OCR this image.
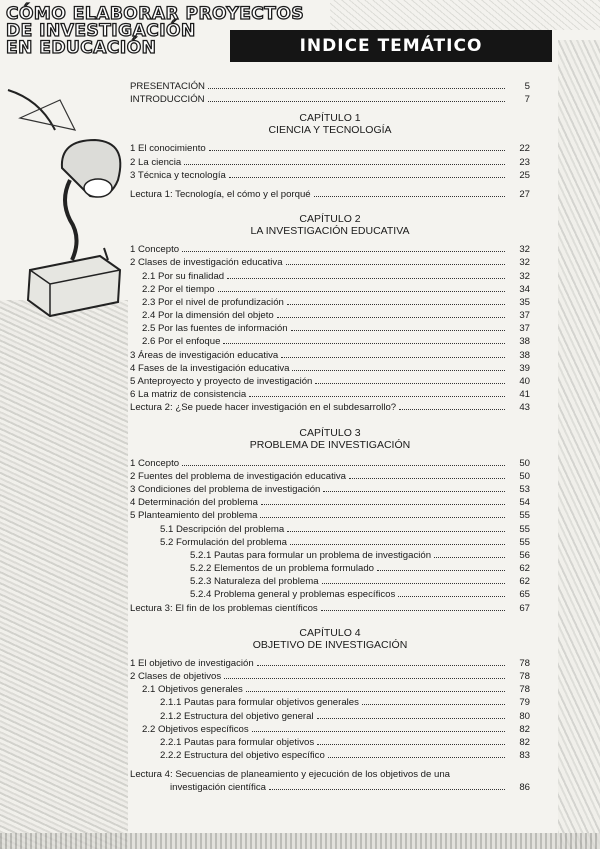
CÓMO ELABORAR PROYECTOS
DE INVESTIGACIÓN
EN EDUCACIÓN	INDICE TEMÁTICO
PRESENTACIÓN	5
INTRODUCCIÓN	7
CAPÍTULO 1
CIENCIA Y TECNOLOGÍA
1 El conocimiento	22
2 La ciencia	23
3 Técnica y tecnología	25
Lectura 1: Tecnología, el cómo y el porqué	27
CAPÍTULO 2
LA INVESTIGACIÓN EDUCATIVA
1 Concepto	32
2 Clases de investigación educativa	32
2.1 Por su finalidad	32
2.2 Por el tiempo	34
2.3 Por el nivel de profundización	35
2.4 Por la dimensión del objeto	37
2.5 Por las fuentes de información	37
2.6 Por el enfoque	38
3 Áreas de investigación educativa	38
4 Fases de la investigación educativa	39
5 Anteproyecto y proyecto de investigación	40
6 La matriz de consistencia	41
Lectura 2: ¿Se puede hacer investigación en el subdesarrollo?	43
CAPÍTULO 3
PROBLEMA DE INVESTIGACIÓN
1 Concepto	50
2 Fuentes del problema de investigación educativa	50
3 Condiciones del problema de investigación	53
4 Determinación del problema	54
5 Planteamiento del problema	55
5.1 Descripción del problema	55
5.2 Formulación del problema	55
5.2.1 Pautas para formular un problema de investigación	56
5.2.2 Elementos de un problema formulado	62
5.2.3 Naturaleza del problema	62
5.2.4 Problema general y problemas específicos	65
Lectura 3: El fin de los problemas científicos	67
CAPÍTULO 4
OBJETIVO DE INVESTIGACIÓN
1 El objetivo de investigación	78
2 Clases de objetivos	78
2.1 Objetivos generales	78
2.1.1 Pautas para formular objetivos generales	79
2.1.2 Estructura del objetivo general	80
2.2 Objetivos específicos	82
2.2.1 Pautas para formular objetivos	82
2.2.2 Estructura del objetivo específico	83
Lectura 4: Secuencias de planeamiento y ejecución de los objetivos de una
investigación científica	86
